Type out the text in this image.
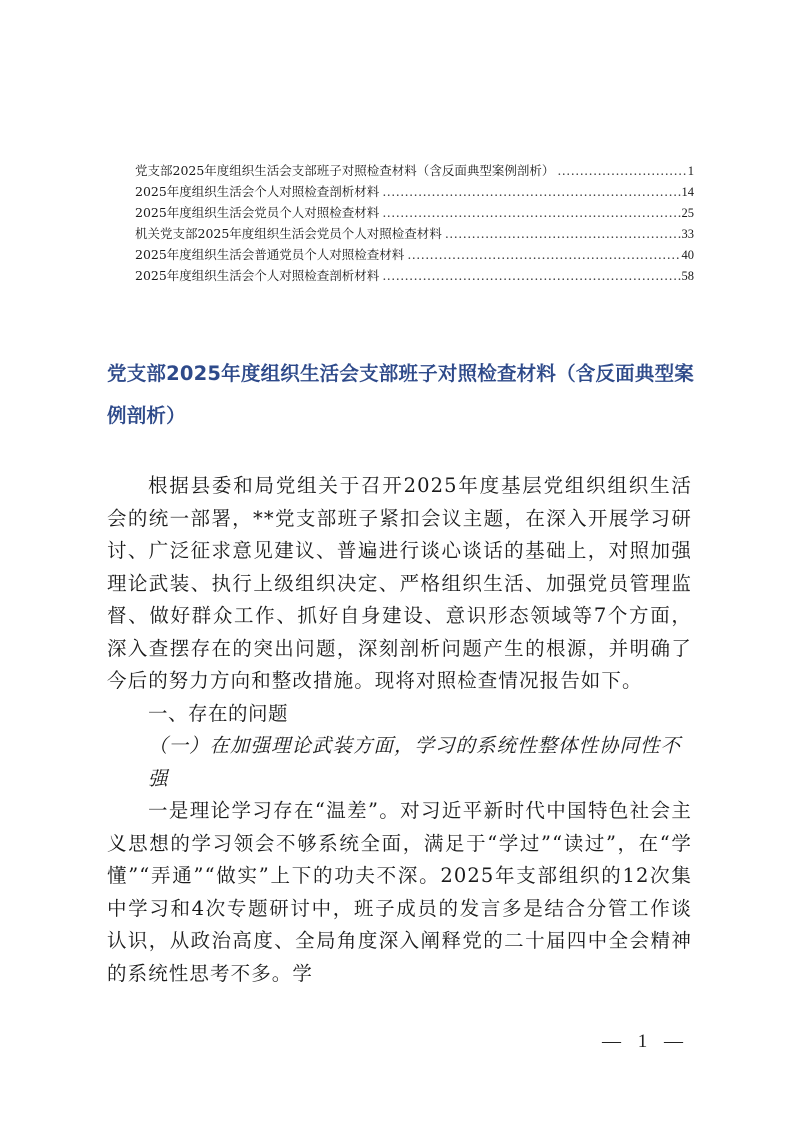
党支部2025年度组织生活会支部班子对照检查材料（含反面典型案例剖析） .....	1
2025年度组织生活会个人对照检查剖析材料 .....	14
2025年度组织生活会党员个人对照检查材料 .....	25
机关党支部2025年度组织生活会党员个人对照检查材料 .....	33
2025年度组织生活会普通党员个人对照检查材料 .....	40
2025年度组织生活会个人对照检查剖析材料 .....	58
党支部2025年度组织生活会支部班子对照检查材料（含反面典型案例剖析）

根据县委和局党组关于召开2025年度基层党组织组织生活会的统一部署，**党支部班子紧扣会议主题，在深入开展学习研讨、广泛征求意见建议、普遍进行谈心谈话的基础上，对照加强理论武装、执行上级组织决定、严格组织生活、加强党员管理监督、做好群众工作、抓好自身建设、意识形态领域等7个方面，深入查摆存在的突出问题，深刻剖析问题产生的根源，并明确了今后的努力方向和整改措施。现将对照检查情况报告如下。

一、存在的问题

（一）在加强理论武装方面，学习的系统性整体性协同性不强

一是理论学习存在“温差”。对习近平新时代中国特色社会主义思想的学习领会不够系统全面，满足于“学过”“读过”，在“学懂”“弄通”“做实”上下的功夫不深。2025年支部组织的12次集中学习和4次专题研讨中，班子成员的发言多是结合分管工作谈认识，从政治高度、全局角度深入阐释党的二十届四中全会精神的系统性思考不多。学

— 1 —
